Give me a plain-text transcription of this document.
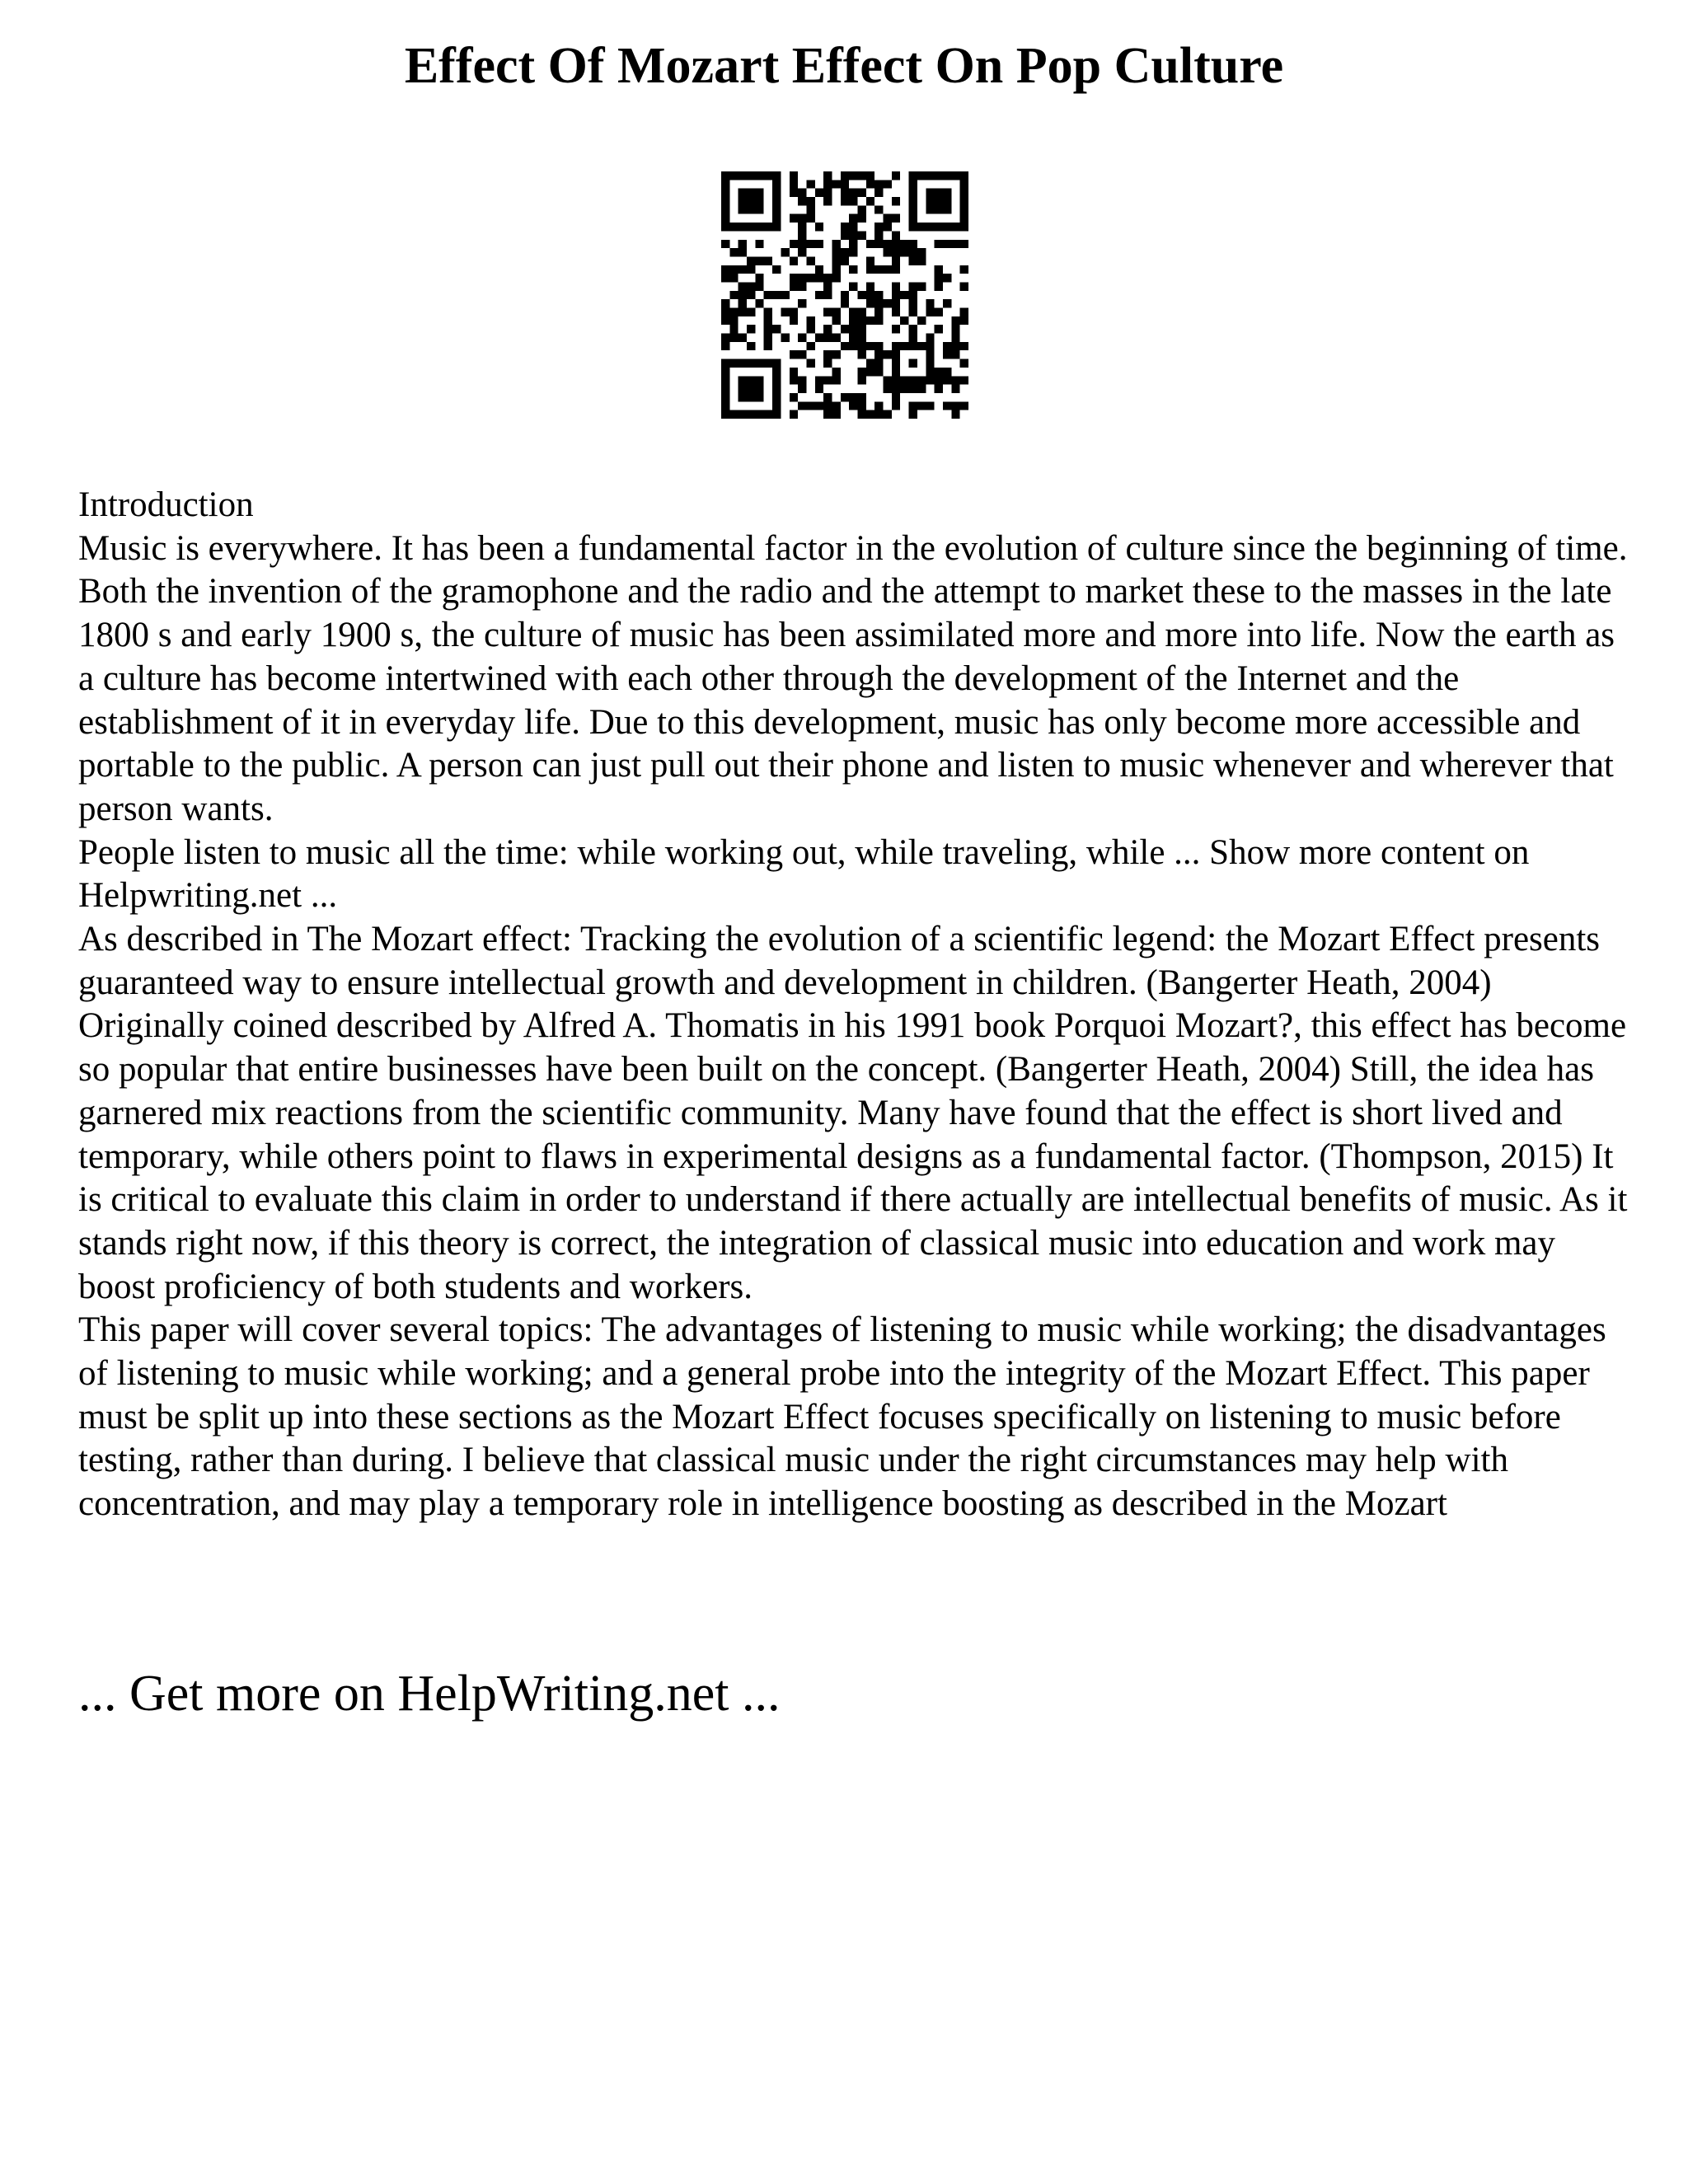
Effect Of Mozart Effect On Pop Culture

Introduction

Music is everywhere. It has been a fundamental factor in the evolution of culture since the beginning of time. Both the invention of the gramophone and the radio and the attempt to market these to the masses in the late 1800 s and early 1900 s, the culture of music has been assimilated more and more into life. Now the earth as a culture has become intertwined with each other through the development of the Internet and the establishment of it in everyday life. Due to this development, music has only become more accessible and portable to the public. A person can just pull out their phone and listen to music whenever and wherever that person wants.

People listen to music all the time: while working out, while traveling, while ... Show more content on Helpwriting.net ...

As described in The Mozart effect: Tracking the evolution of a scientific legend: the Mozart Effect presents guaranteed way to ensure intellectual growth and development in children. (Bangerter Heath, 2004) Originally coined described by Alfred A. Thomatis in his 1991 book Porquoi Mozart?, this effect has become so popular that entire businesses have been built on the concept. (Bangerter Heath, 2004) Still, the idea has garnered mix reactions from the scientific community. Many have found that the effect is short lived and temporary, while others point to flaws in experimental designs as a fundamental factor. (Thompson, 2015) It is critical to evaluate this claim in order to understand if there actually are intellectual benefits of music. As it stands right now, if this theory is correct, the integration of classical music into education and work may boost proficiency of both students and workers.

This paper will cover several topics: The advantages of listening to music while working; the disadvantages of listening to music while working; and a general probe into the integrity of the Mozart Effect. This paper must be split up into these sections as the Mozart Effect focuses specifically on listening to music before testing, rather than during. I believe that classical music under the right circumstances may help with concentration, and may play a temporary role in intelligence boosting as described in the Mozart

... Get more on HelpWriting.net ...
